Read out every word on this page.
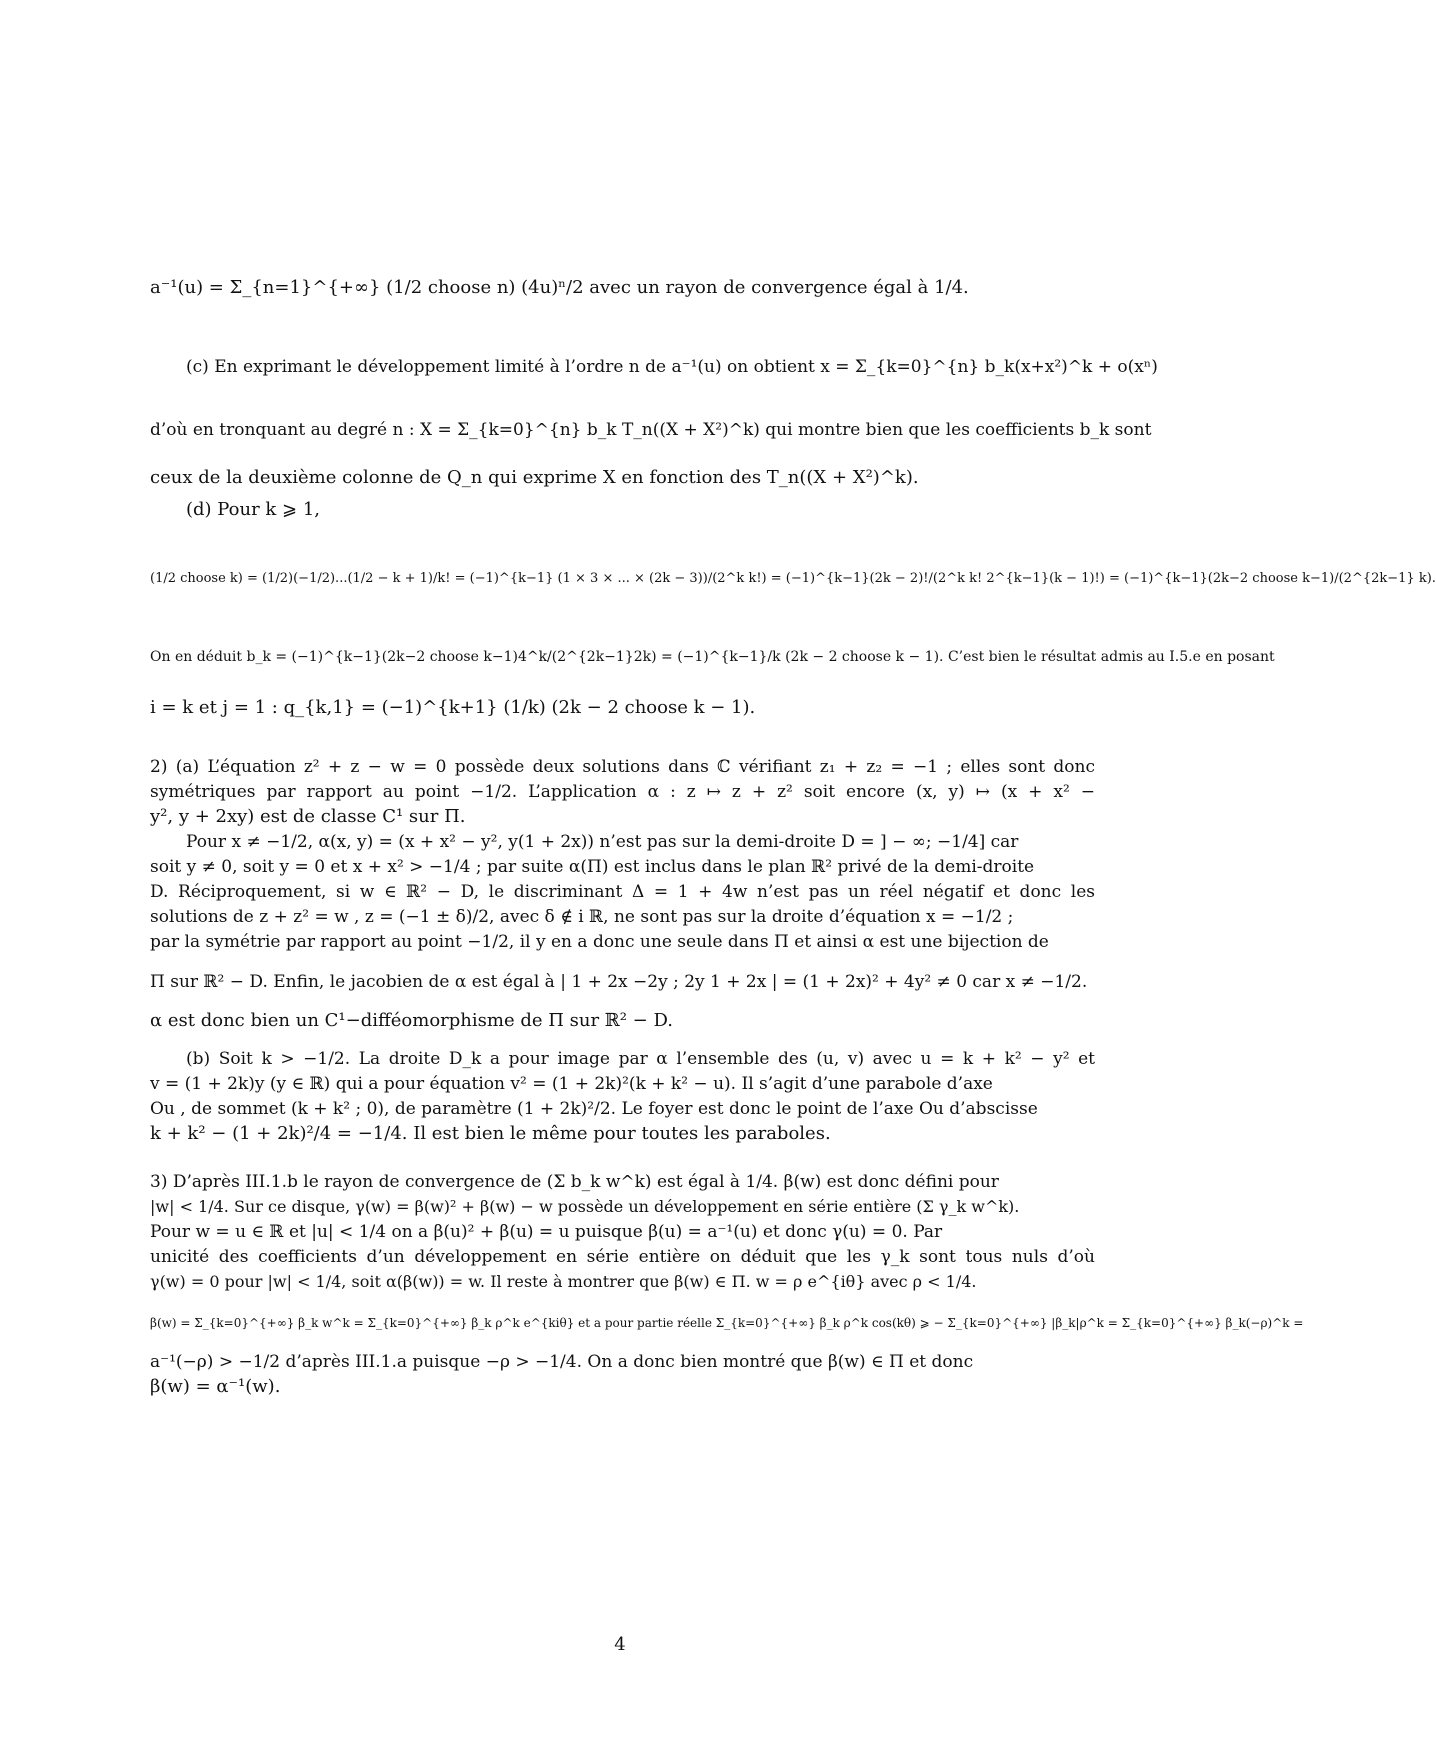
a⁻¹(u) = Σ_{n=1}^{+∞} (1/2 choose n) (4u)ⁿ/2 avec un rayon de convergence égal à 1/4.
(c) En exprimant le développement limité à l’ordre n de a⁻¹(u) on obtient x = Σ_{k=0}^{n} b_k(x+x²)^k + o(xⁿ)
d’où en tronquant au degré n : X = Σ_{k=0}^{n} b_k T_n((X + X²)^k) qui montre bien que les coefficients b_k sont
ceux de la deuxième colonne de Q_n qui exprime X en fonction des T_n((X + X²)^k).
(d) Pour k ⩾ 1,
(1/2 choose k) = (1/2)(−1/2)...(1/2 − k + 1)/k! = (−1)^{k−1} (1 × 3 × ... × (2k − 3))/(2^k k!) = (−1)^{k−1}(2k − 2)!/(2^k k! 2^{k−1}(k − 1)!) = (−1)^{k−1}(2k−2 choose k−1)/(2^{2k−1} k).
On en déduit b_k = (−1)^{k−1}(2k−2 choose k−1)4^k/(2^{2k−1}2k) = (−1)^{k−1}/k (2k − 2 choose k − 1). C’est bien le résultat admis au I.5.e en posant
i = k et j = 1 : q_{k,1} = (−1)^{k+1} (1/k) (2k − 2 choose k − 1).
2) (a) L’équation z² + z − w = 0 possède deux solutions dans ℂ vérifiant z₁ + z₂ = −1 ; elles sont donc
symétriques par rapport au point −1/2. L’application α : z ↦ z + z² soit encore (x, y) ↦ (x + x² −
y², y + 2xy) est de classe C¹ sur Π.
Pour x ≠ −1/2, α(x, y) = (x + x² − y², y(1 + 2x)) n’est pas sur la demi-droite D = ] − ∞; −1/4] car
soit y ≠ 0, soit y = 0 et x + x² > −1/4 ; par suite α(Π) est inclus dans le plan ℝ² privé de la demi-droite
D. Réciproquement, si w ∈ ℝ² − D, le discriminant Δ = 1 + 4w n’est pas un réel négatif et donc les
solutions de z + z² = w , z = (−1 ± δ)/2, avec δ ∉ i ℝ, ne sont pas sur la droite d’équation x = −1/2 ;
par la symétrie par rapport au point −1/2, il y en a donc une seule dans Π et ainsi α est une bijection de
Π sur ℝ² − D. Enfin, le jacobien de α est égal à | 1 + 2x −2y ; 2y 1 + 2x | = (1 + 2x)² + 4y² ≠ 0 car x ≠ −1/2.
α est donc bien un C¹−difféomorphisme de Π sur ℝ² − D.
(b) Soit k > −1/2. La droite D_k a pour image par α l’ensemble des (u, v) avec u = k + k² − y² et
v = (1 + 2k)y (y ∈ ℝ) qui a pour équation v² = (1 + 2k)²(k + k² − u). Il s’agit d’une parabole d’axe
Ou , de sommet (k + k² ; 0), de paramètre (1 + 2k)²/2. Le foyer est donc le point de l’axe Ou d’abscisse
k + k² − (1 + 2k)²/4 = −1/4. Il est bien le même pour toutes les paraboles.
3) D’après III.1.b le rayon de convergence de (Σ b_k w^k) est égal à 1/4. β(w) est donc défini pour
|w| < 1/4. Sur ce disque, γ(w) = β(w)² + β(w) − w possède un développement en série entière (Σ γ_k w^k).
Pour w = u ∈ ℝ et |u| < 1/4 on a β(u)² + β(u) = u puisque β(u) = a⁻¹(u) et donc γ(u) = 0. Par
unicité des coefficients d’un développement en série entière on déduit que les γ_k sont tous nuls d’où
γ(w) = 0 pour |w| < 1/4, soit α(β(w)) = w. Il reste à montrer que β(w) ∈ Π. w = ρ e^{iθ} avec ρ < 1/4.
β(w) = Σ_{k=0}^{+∞} β_k w^k = Σ_{k=0}^{+∞} β_k ρ^k e^{kiθ} et a pour partie réelle Σ_{k=0}^{+∞} β_k ρ^k cos(kθ) ⩾ − Σ_{k=0}^{+∞} |β_k|ρ^k = Σ_{k=0}^{+∞} β_k(−ρ)^k =
a⁻¹(−ρ) > −1/2 d’après III.1.a puisque −ρ > −1/4. On a donc bien montré que β(w) ∈ Π et donc
β(w) = α⁻¹(w).
4
